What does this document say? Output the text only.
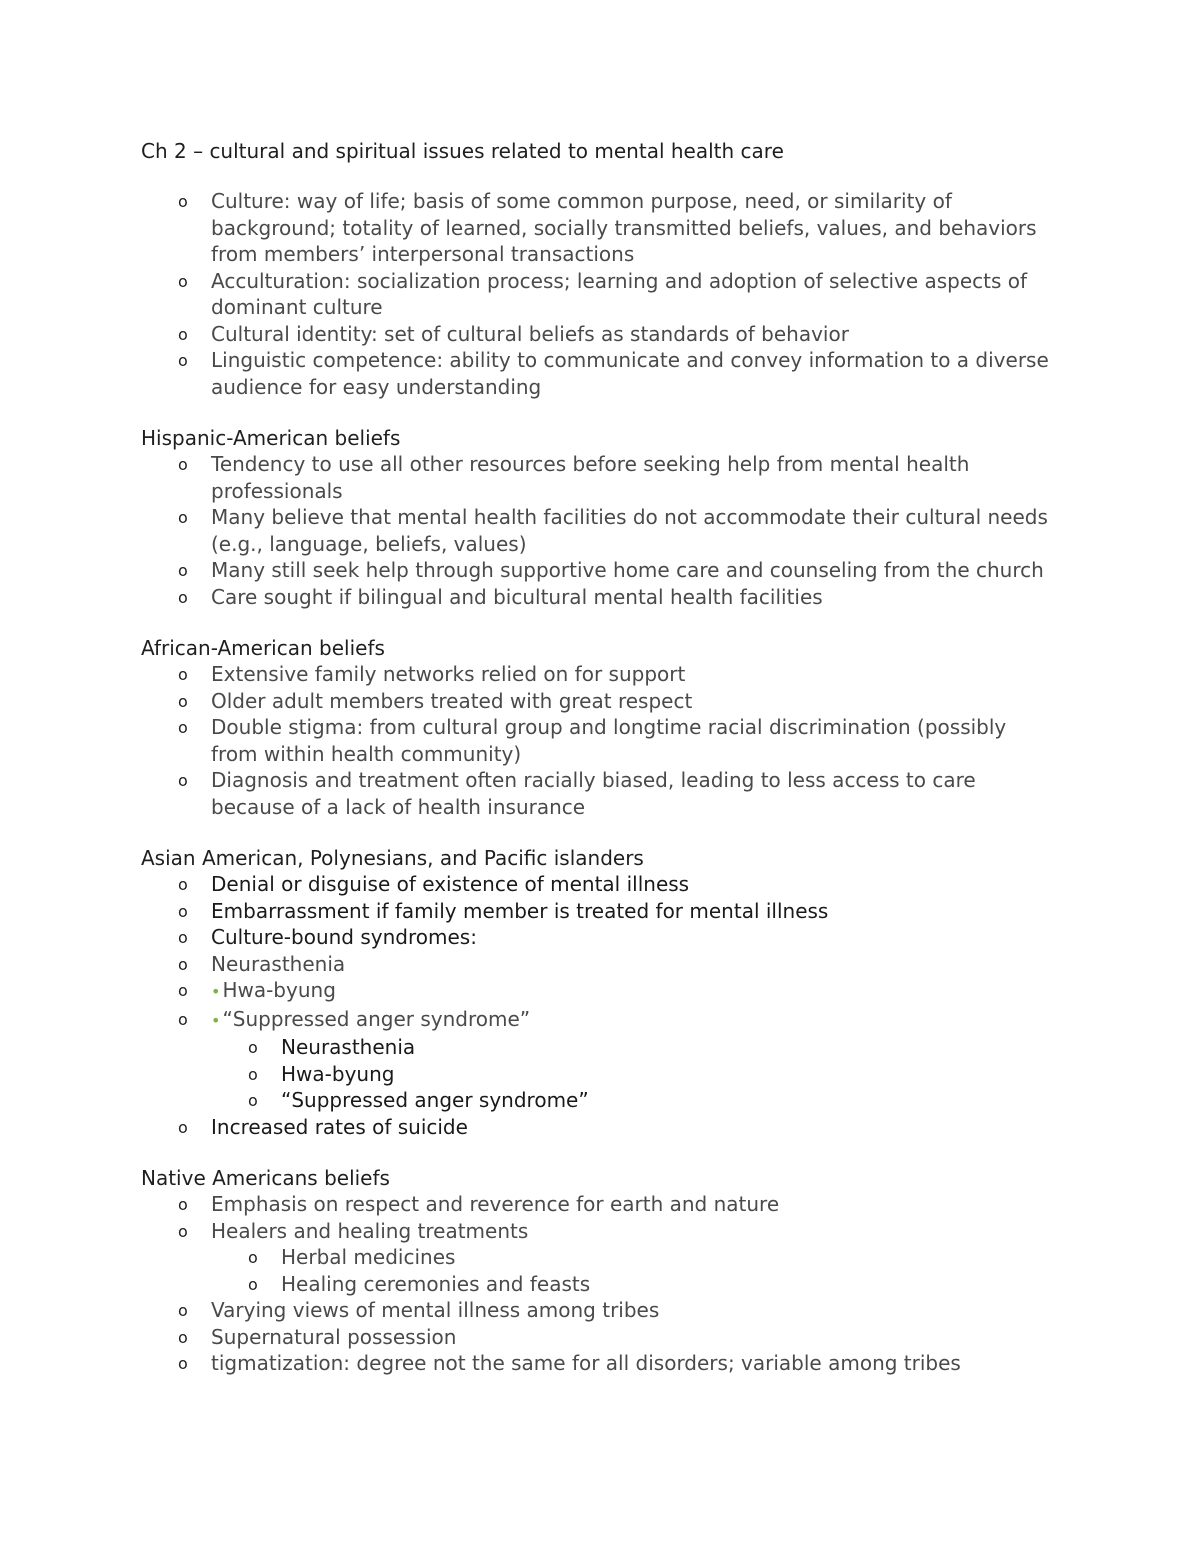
Ch 2 – cultural and spiritual issues related to mental health care
o Culture: way of life; basis of some common purpose, need, or similarity of background; totality of learned, socially transmitted beliefs, values, and behaviors from members’ interpersonal transactions
o Acculturation: socialization process; learning and adoption of selective aspects of dominant culture
o Cultural identity: set of cultural beliefs as standards of behavior
o Linguistic competence: ability to communicate and convey information to a diverse audience for easy understanding
Hispanic-American beliefs
o Tendency to use all other resources before seeking help from mental health professionals
o Many believe that mental health facilities do not accommodate their cultural needs (e.g., language, beliefs, values)
o Many still seek help through supportive home care and counseling from the church
o Care sought if bilingual and bicultural mental health facilities
African-American beliefs
o Extensive family networks relied on for support
o Older adult members treated with great respect
o Double stigma: from cultural group and longtime racial discrimination (possibly from within health community)
o Diagnosis and treatment often racially biased, leading to less access to care because of a lack of health insurance
Asian American, Polynesians, and Pacific islanders
o Denial or disguise of existence of mental illness
o Embarrassment if family member is treated for mental illness
o Culture-bound syndromes:
o Neurasthenia
o • Hwa-byung
o • “Suppressed anger syndrome”
o Neurasthenia
o Hwa-byung
o “Suppressed anger syndrome”
o Increased rates of suicide
Native Americans beliefs
o Emphasis on respect and reverence for earth and nature
o Healers and healing treatments
o Herbal medicines
o Healing ceremonies and feasts
o Varying views of mental illness among tribes
o Supernatural possession
o tigmatization: degree not the same for all disorders; variable among tribes
